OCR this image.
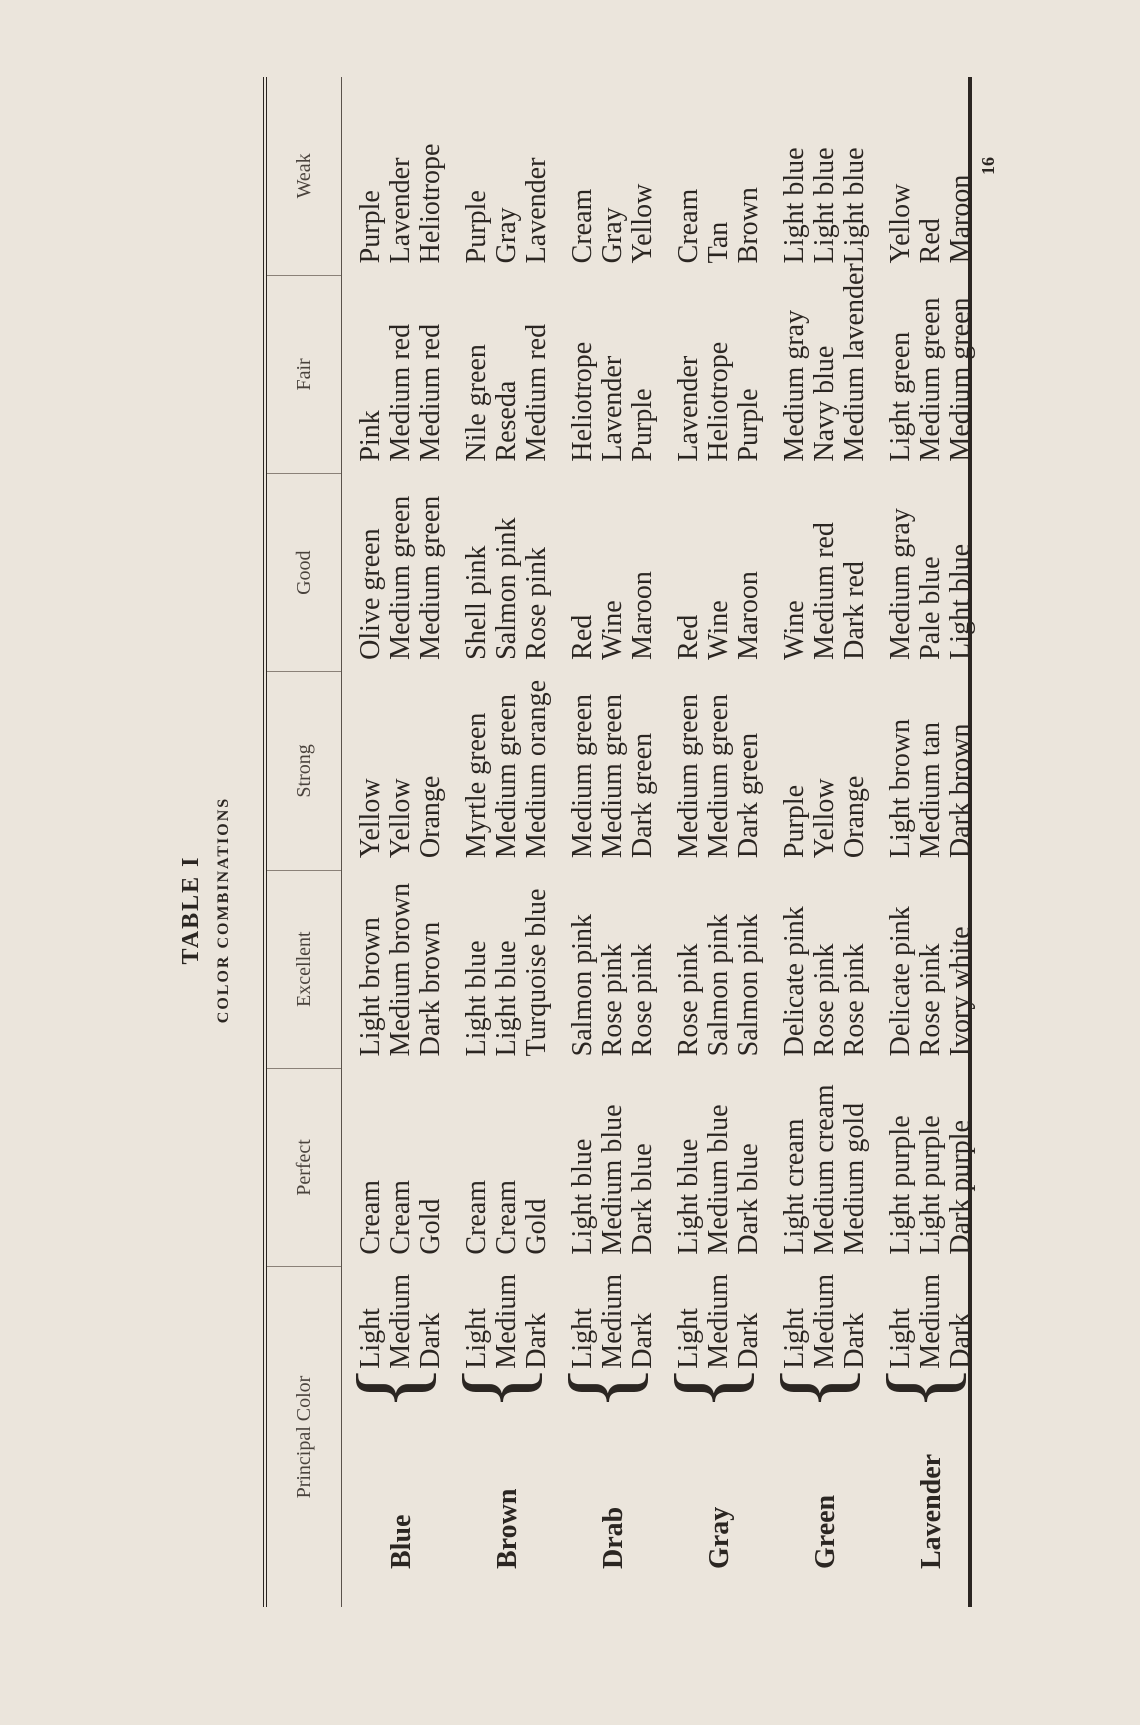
TABLE I COLOR COMBINATIONS
Principal Color		Perfect	Excellent	Strong	Good	Fair	Weak
Blue
{	Light	Cream	Light brown	Yellow	Olive green	Pink	Purple
	Medium	Cream	Medium brown	Yellow	Medium green	Medium red	Lavender
	Dark	Gold	Dark brown	Orange	Medium green	Medium red	Heliotrope
Brown
{	Light	Cream	Light blue	Myrtle green	Shell pink	Nile green	Purple
	Medium	Cream	Light blue	Medium green	Salmon pink	Reseda	Gray
	Dark	Gold	Turquoise blue	Medium orange	Rose pink	Medium red	Lavender
Drab
{	Light	Light blue	Salmon pink	Medium green	Red	Heliotrope	Cream
	Medium	Medium blue	Rose pink	Medium green	Wine	Lavender	Gray
	Dark	Dark blue	Rose pink	Dark green	Maroon	Purple	Yellow
Gray
{	Light	Light blue	Rose pink	Medium green	Red	Lavender	Cream
	Medium	Medium blue	Salmon pink	Medium green	Wine	Heliotrope	Tan
	Dark	Dark blue	Salmon pink	Dark green	Maroon	Purple	Brown
Green
{	Light	Light cream	Delicate pink	Purple	Wine	Medium gray	Light blue
	Medium	Medium cream	Rose pink	Yellow	Medium red	Navy blue	Light blue
	Dark	Medium gold	Rose pink	Orange	Dark red	Medium lavender	Light blue
Lavender
{	Light	Light purple	Delicate pink	Light brown	Medium gray	Light green	Yellow
	Medium	Light purple	Rose pink	Medium tan	Pale blue	Medium green	Red
	Dark	Dark purple	Ivory white	Dark brown	Light blue	Medium green	Maroon
16
